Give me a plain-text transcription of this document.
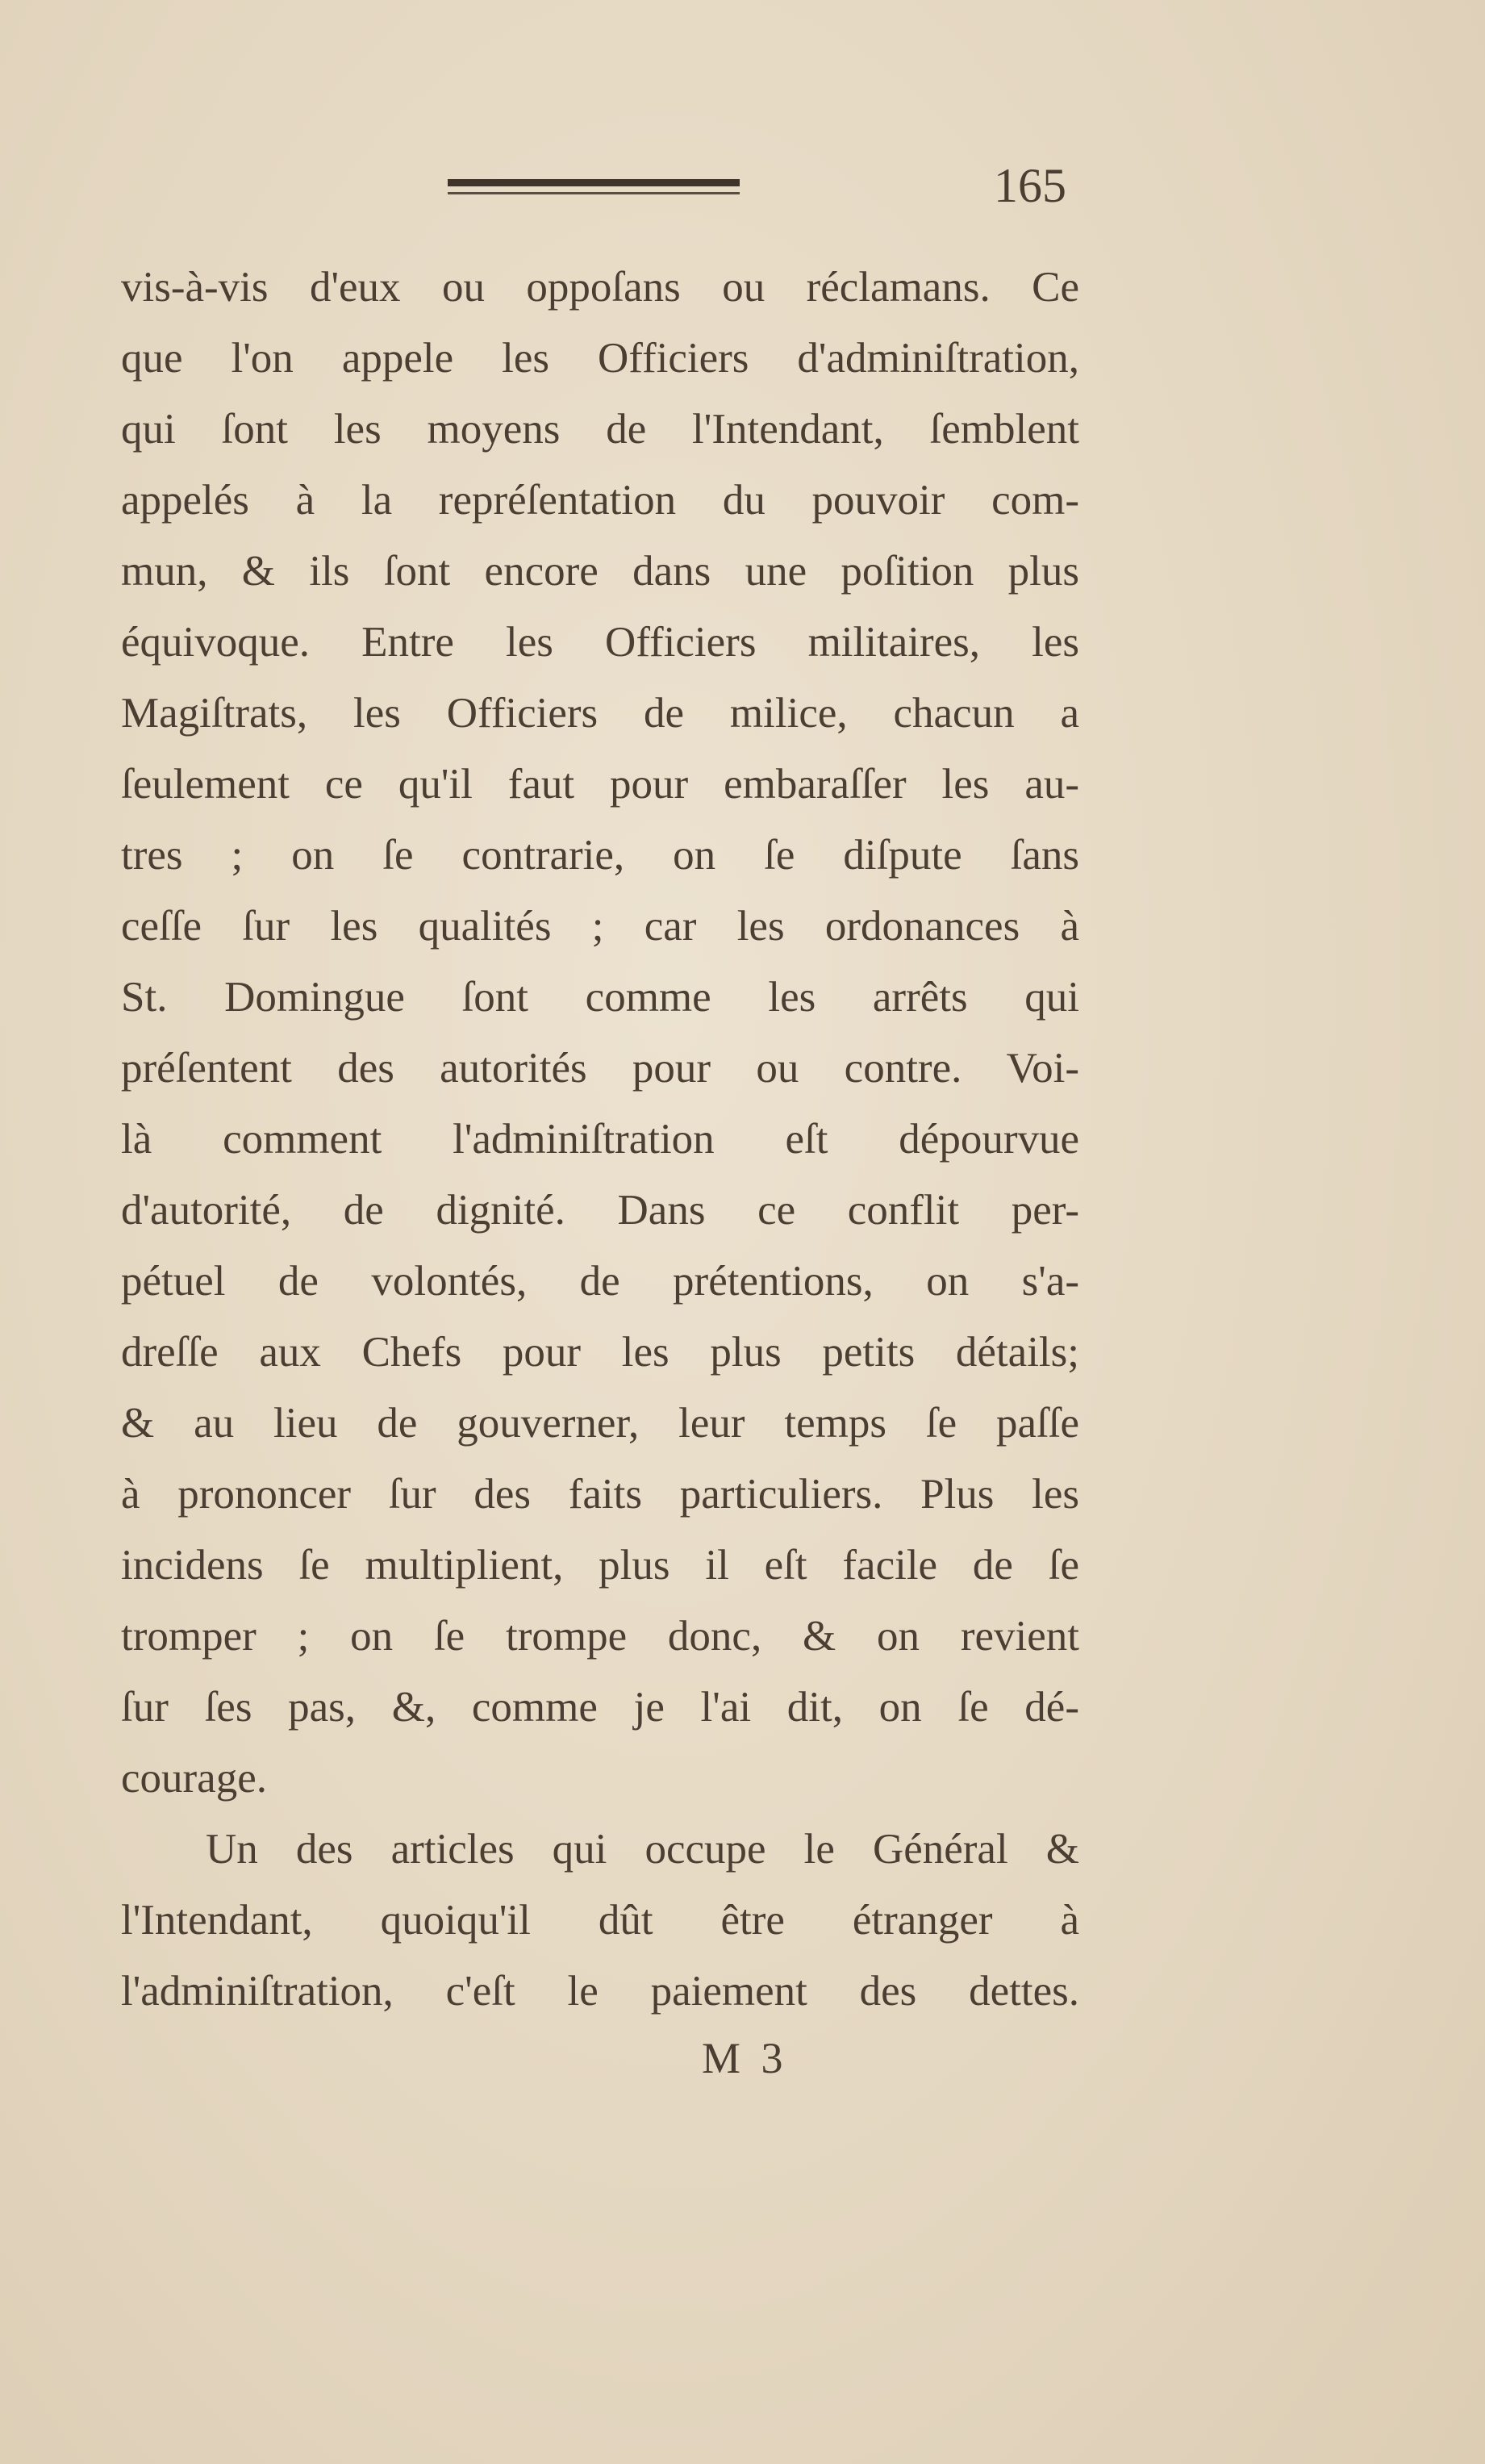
165
vis-à-vis d'eux ou oppoſans ou réclamans. Ce
que l'on appele les Officiers d'adminiſtration,
qui ſont les moyens de l'Intendant, ſemblent
appelés à la repréſentation du pouvoir com-
mun, & ils ſont encore dans une poſition plus
équivoque. Entre les Officiers militaires, les
Magiſtrats, les Officiers de milice, chacun a
ſeulement ce qu'il faut pour embaraſſer les au-
tres ; on ſe contrarie, on ſe diſpute ſans
ceſſe ſur les qualités ; car les ordonances à
St. Domingue ſont comme les arrêts qui
préſentent des autorités pour ou contre. Voi-
là comment l'adminiſtration eſt dépourvue
d'autorité, de dignité. Dans ce conflit per-
pétuel de volontés, de prétentions, on s'a-
dreſſe aux Chefs pour les plus petits détails;
& au lieu de gouverner, leur temps ſe paſſe
à prononcer ſur des faits particuliers. Plus les
incidens ſe multiplient, plus il eſt facile de ſe
tromper ; on ſe trompe donc, & on revient
ſur ſes pas, &, comme je l'ai dit, on ſe dé-
courage.
Un des articles qui occupe le Général &
l'Intendant, quoiqu'il dût être étranger à
l'adminiſtration, c'eſt le paiement des dettes.
M 3
